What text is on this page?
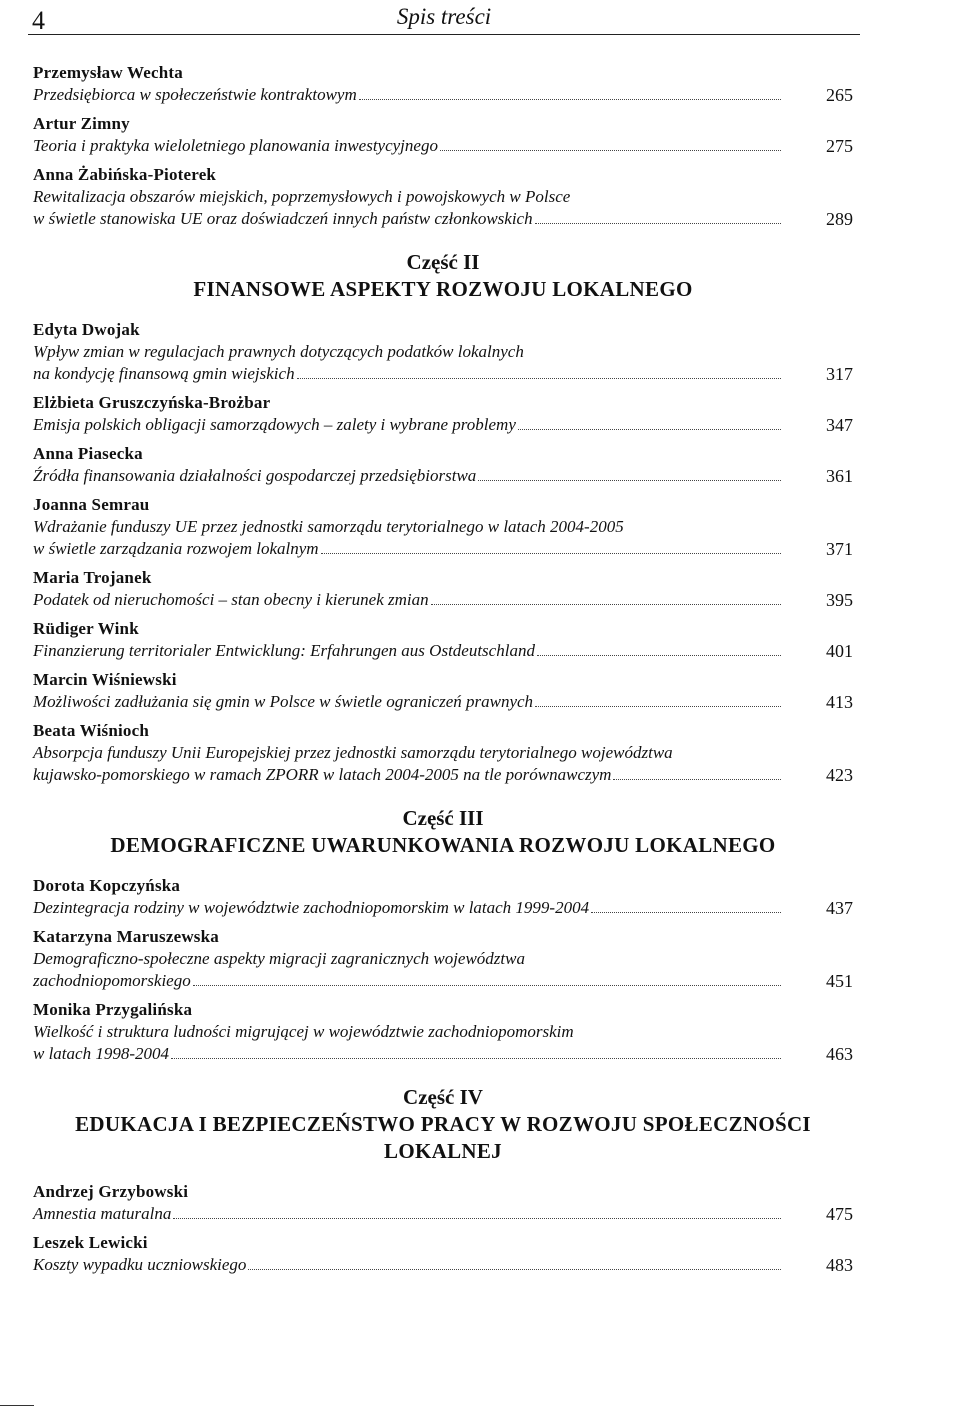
4	Spis treści
Przemysław Wechta
Przedsiębiorca w społeczeństwie kontraktowym	265
Artur Zimny
Teoria i praktyka wieloletniego planowania inwestycyjnego	275
Anna Żabińska-Pioterek
Rewitalizacja obszarów miejskich, poprzemysłowych i powojskowych w Polsce
w świetle stanowiska UE oraz doświadczeń innych państw członkowskich	289
Część II
FINANSOWE ASPEKTY ROZWOJU LOKALNEGO
Edyta Dwojak
Wpływ zmian w regulacjach prawnych dotyczących podatków lokalnych
na kondycję finansową gmin wiejskich	317
Elżbieta Gruszczyńska-Brożbar
Emisja polskich obligacji samorządowych – zalety i wybrane problemy	347
Anna Piasecka
Źródła finansowania działalności gospodarczej przedsiębiorstwa	361
Joanna Semrau
Wdrażanie funduszy UE przez jednostki samorządu terytorialnego w latach 2004-2005
w świetle zarządzania rozwojem lokalnym	371
Maria Trojanek
Podatek od nieruchomości – stan obecny i kierunek zmian	395
Rüdiger Wink
Finanzierung territorialer Entwicklung: Erfahrungen aus Ostdeutschland	401
Marcin Wiśniewski
Możliwości zadłużania się gmin w Polsce w świetle ograniczeń prawnych	413
Beata Wiśnioch
Absorpcja funduszy Unii Europejskiej przez jednostki samorządu terytorialnego województwa
kujawsko-pomorskiego w ramach ZPORR w latach 2004-2005 na tle porównawczym	423
Część III
DEMOGRAFICZNE UWARUNKOWANIA ROZWOJU LOKALNEGO
Dorota Kopczyńska
Dezintegracja rodziny w województwie zachodniopomorskim w latach 1999-2004	437
Katarzyna Maruszewska
Demograficzno-społeczne aspekty migracji zagranicznych województwa
zachodniopomorskiego	451
Monika Przygalińska
Wielkość i struktura ludności migrującej w województwie zachodniopomorskim
w latach 1998-2004	463
Część IV
EDUKACJA I BEZPIECZEŃSTWO PRACY W ROZWOJU SPOŁECZNOŚCI
LOKALNEJ
Andrzej Grzybowski
Amnestia maturalna	475
Leszek Lewicki
Koszty wypadku uczniowskiego	483
